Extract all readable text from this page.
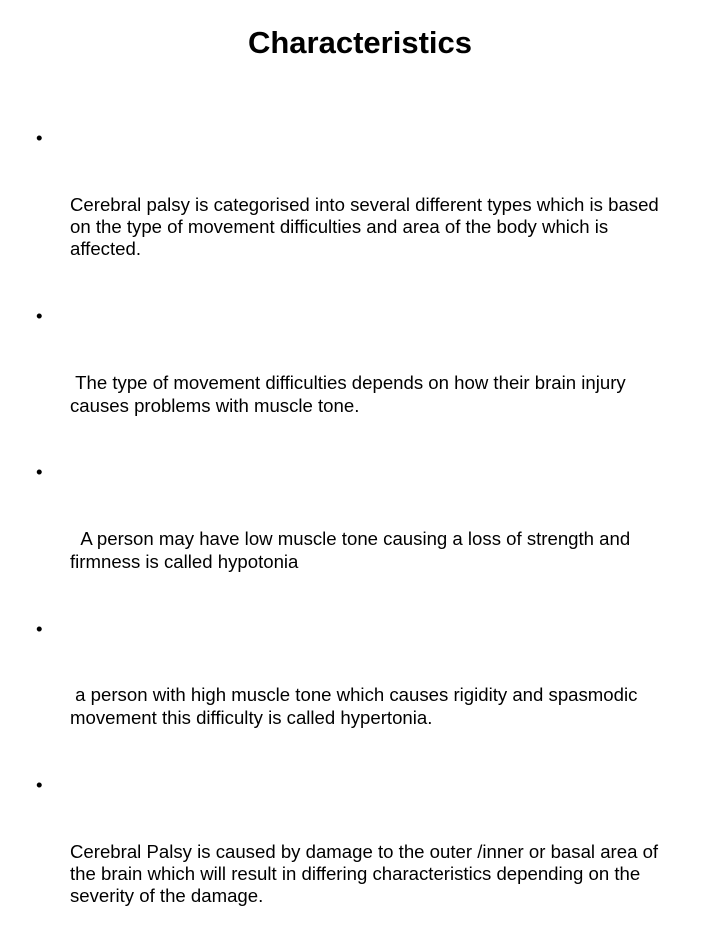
Characteristics

•

Cerebral palsy is categorised into several different types which is based on the type of movement difficulties and area of the body which is affected.

•

The type of movement difficulties depends on how their brain injury causes problems with muscle tone.

•

A person may have low muscle tone causing a loss of strength and firmness is called hypotonia

•

a person with high muscle tone which causes rigidity and spasmodic movement this difficulty is called hypertonia.

•

Cerebral Palsy is caused by damage to the outer /inner or basal area of the brain which will result in differing characteristics depending on the severity of the damage.
